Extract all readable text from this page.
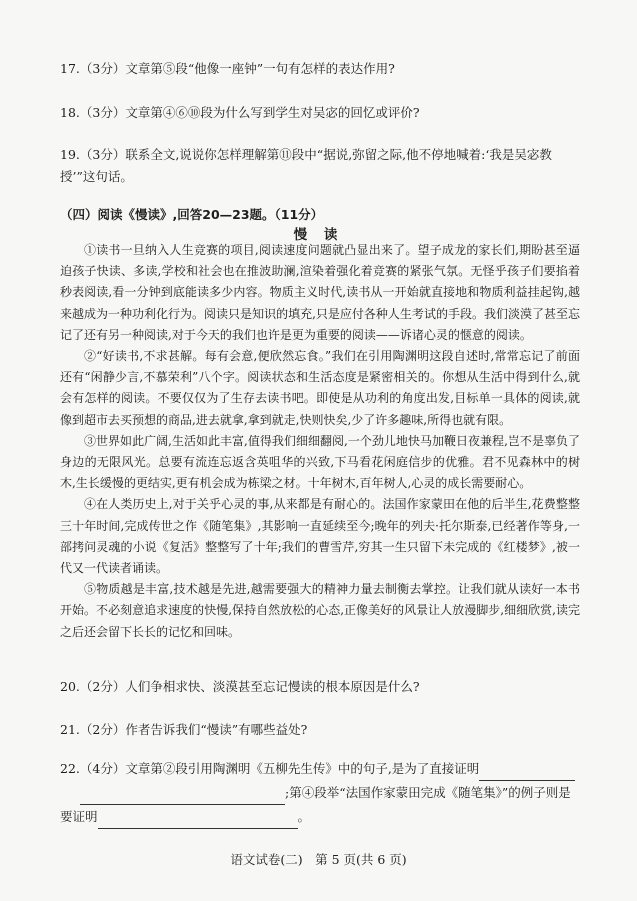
17.（3分）文章第⑤段“他像一座钟”一句有怎样的表达作用?
18.（3分）文章第④⑥⑩段为什么写到学生对吴宓的回忆或评价?
19.（3分）联系全文,说说你怎样理解第⑪段中“据说,弥留之际,他不停地喊着:‘我是吴宓教授’”这句话。
（四）阅读《慢读》,回答20—23题。（11分）
慢 读

①读书一旦纳入人生竞赛的项目,阅读速度问题就凸显出来了。望子成龙的家长们,期盼甚至逼迫孩子快读、多读,学校和社会也在推波助澜,渲染着强化着竞赛的紧张气氛。无怪乎孩子们要掐着秒表阅读,看一分钟到底能读多少内容。物质主义时代,读书从一开始就直接地和物质利益挂起钩,越来越成为一种功利化行为。阅读只是知识的填充,只是应付各种人生考试的手段。我们淡漠了甚至忘记了还有另一种阅读,对于今天的我们也许是更为重要的阅读——诉诸心灵的惬意的阅读。

②“好读书,不求甚解。每有会意,便欣然忘食。”我们在引用陶渊明这段自述时,常常忘记了前面还有“闲静少言,不慕荣利”八个字。阅读状态和生活态度是紧密相关的。你想从生活中得到什么,就会有怎样的阅读。不要仅仅为了生存去读书吧。即使是从功利的角度出发,目标单一具体的阅读,就像到超市去买预想的商品,进去就拿,拿到就走,快则快矣,少了许多趣味,所得也就有限。

③世界如此广阔,生活如此丰富,值得我们细细翻阅,一个劲儿地快马加鞭日夜兼程,岂不是辜负了身边的无限风光。总要有流连忘返含英咀华的兴致,下马看花闲庭信步的优雅。君不见森林中的树木,生长缓慢的更结实,更有机会成为栋梁之材。十年树木,百年树人,心灵的成长需要耐心。

④在人类历史上,对于关乎心灵的事,从来都是有耐心的。法国作家蒙田在他的后半生,花费整整三十年时间,完成传世之作《随笔集》,其影响一直延续至今;晚年的列夫·托尔斯泰,已经著作等身,一部拷问灵魂的小说《复活》整整写了十年;我们的曹雪芹,穷其一生只留下未完成的《红楼梦》,被一代又一代读者诵读。

⑤物质越是丰富,技术越是先进,越需要强大的精神力量去制衡去掌控。让我们就从读好一本书开始。不必刻意追求速度的快慢,保持自然放松的心态,正像美好的风景让人放漫脚步,细细欣赏,读完之后还会留下长长的记忆和回味。

20.（2分）人们争相求快、淡漠甚至忘记慢读的根本原因是什么?
21.（2分）作者告诉我们“慢读”有哪些益处?
22.（4分）文章第②段引用陶渊明《五柳先生传》中的句子,是为了直接证明
;第④段举“法国作家蒙田完成《随笔集》”的例子则是
要证明	。
语文试卷(二)　第 5 页(共 6 页)
